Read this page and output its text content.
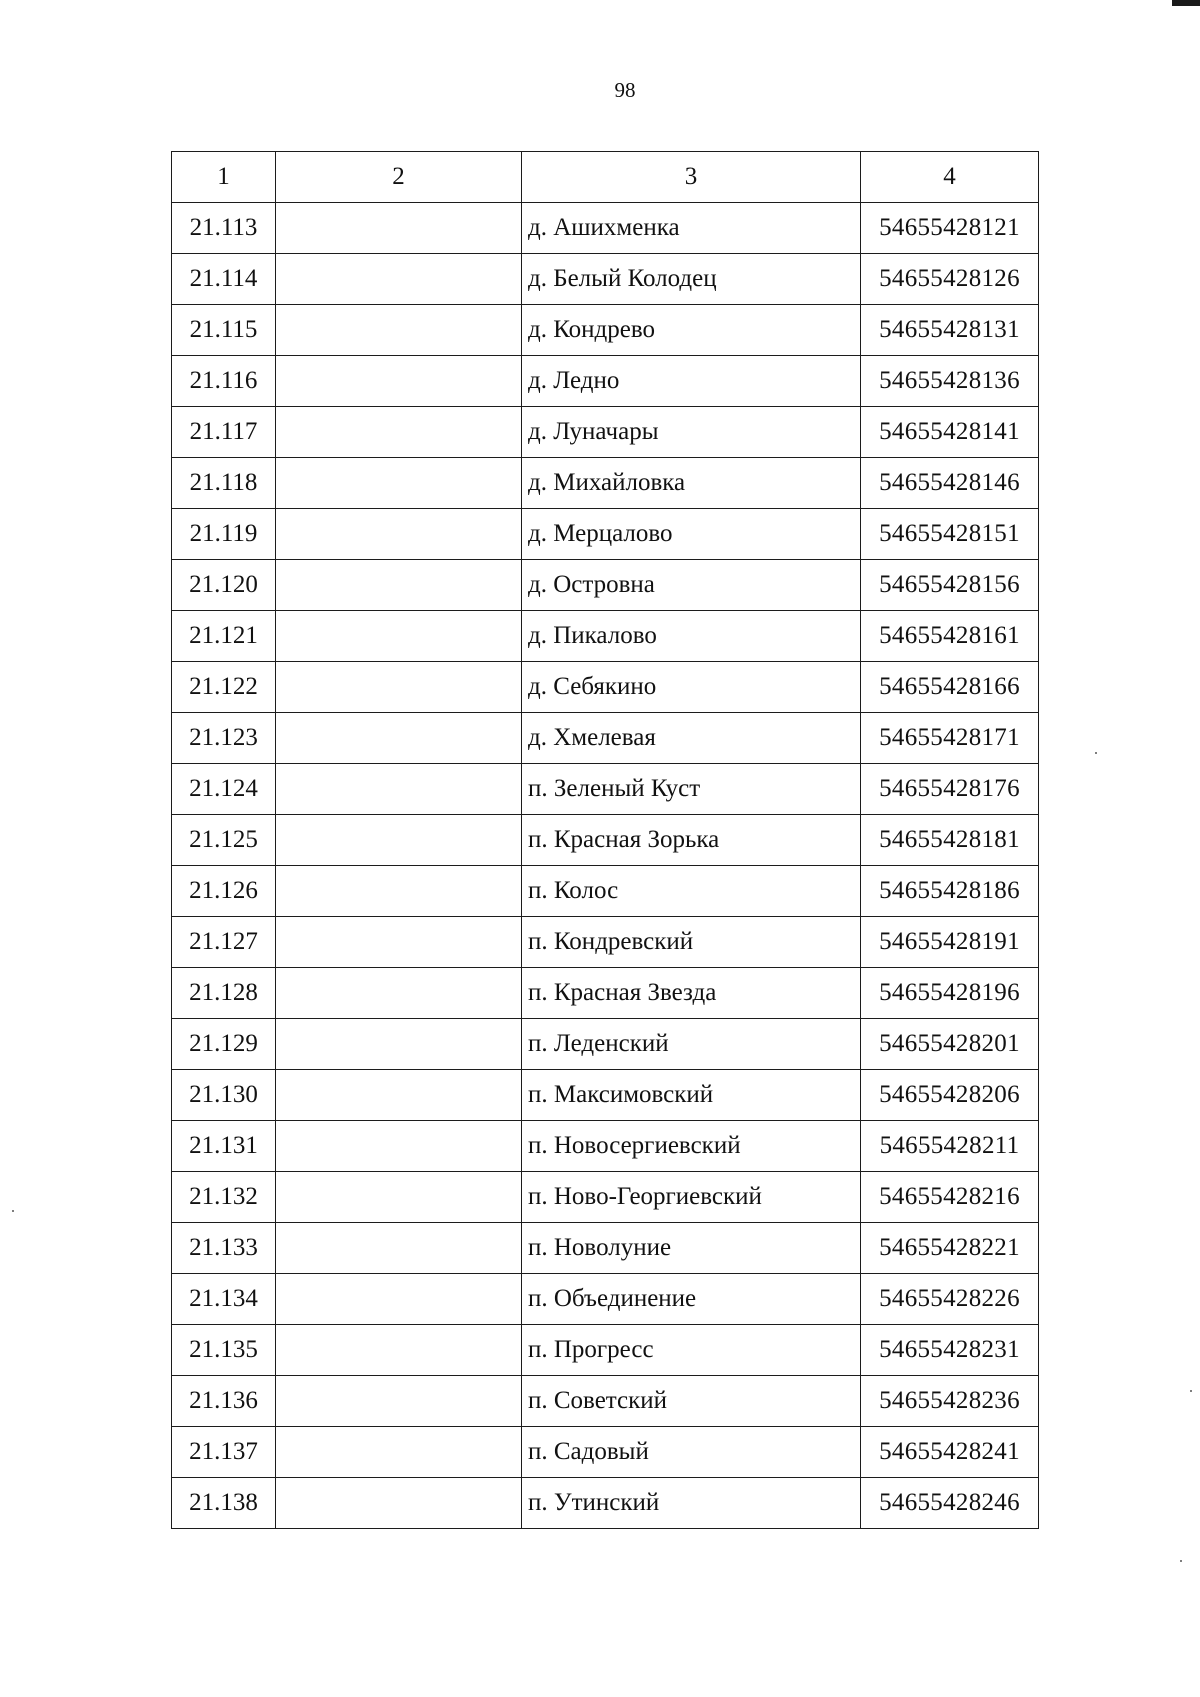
98
1	2	3	4
21.113		д. Ашихменка	54655428121
21.114		д. Белый Колодец	54655428126
21.115		д. Кондрево	54655428131
21.116		д. Ледно	54655428136
21.117		д. Луначары	54655428141
21.118		д. Михайловка	54655428146
21.119		д. Мерцалово	54655428151
21.120		д. Островна	54655428156
21.121		д. Пикалово	54655428161
21.122		д. Себякино	54655428166
21.123		д. Хмелевая	54655428171
21.124		п. Зеленый Куст	54655428176
21.125		п. Красная Зорька	54655428181
21.126		п. Колос	54655428186
21.127		п. Кондревский	54655428191
21.128		п. Красная Звезда	54655428196
21.129		п. Леденский	54655428201
21.130		п. Максимовский	54655428206
21.131		п. Новосергиевский	54655428211
21.132		п. Ново-Георгиевский	54655428216
21.133		п. Новолуние	54655428221
21.134		п. Объединение	54655428226
21.135		п. Прогресс	54655428231
21.136		п. Советский	54655428236
21.137		п. Садовый	54655428241
21.138		п. Утинский	54655428246
